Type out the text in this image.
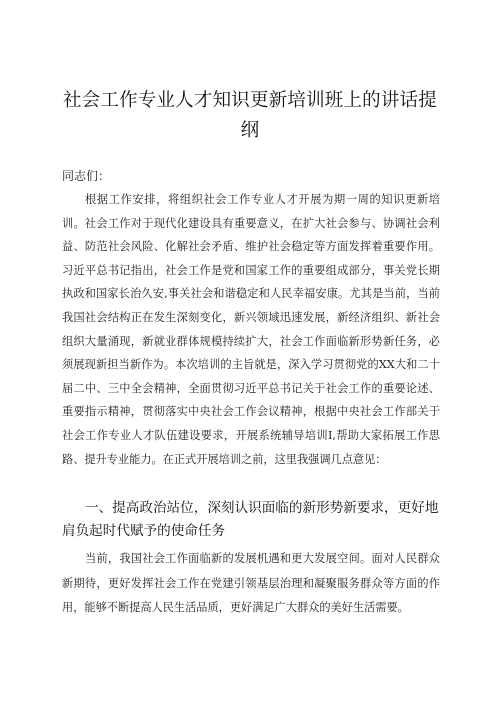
社会工作专业人才知识更新培训班上的讲话提纲
同志们：

根据工作安排，将组织社会工作专业人才开展为期一周的知识更新培训。社会工作对于现代化建设具有重要意义，在扩大社会参与、协调社会利益、防范社会风险、化解社会矛盾、维护社会稳定等方面发挥着重要作用。习近平总书记指出，社会工作是党和国家工作的重要组成部分，事关党长期执政和国家长治久安,事关社会和谐稳定和人民幸福安康。尤其是当前，当前我国社会结构正在发生深刻变化，新兴领域迅速发展，新经济组织、新社会组织大量涌现，新就业群体规模持续扩大，社会工作面临新形势新任务，必须展现新担当新作为。本次培训的主旨就是，深入学习贯彻党的XX大和二十届二中、三中全会精神，全面贯彻习近平总书记关于社会工作的重要论述、重要指示精神，贯彻落实中央社会工作会议精神，根据中央社会工作部关于社会工作专业人才队伍建设要求，开展系统辅导培训I,帮助大家拓展工作思路、提升专业能力。在正式开展培训之前，这里我强调几点意见：

一、提高政治站位，深刻认识面临的新形势新要求，更好地肩负起时代赋予的使命任务

当前，我国社会工作面临新的发展机遇和更大发展空间。面对人民群众新期待，更好发挥社会工作在党建引领基层治理和凝聚服务群众等方面的作用，能够不断提高人民生活品质，更好满足广大群众的美好生活需要。
